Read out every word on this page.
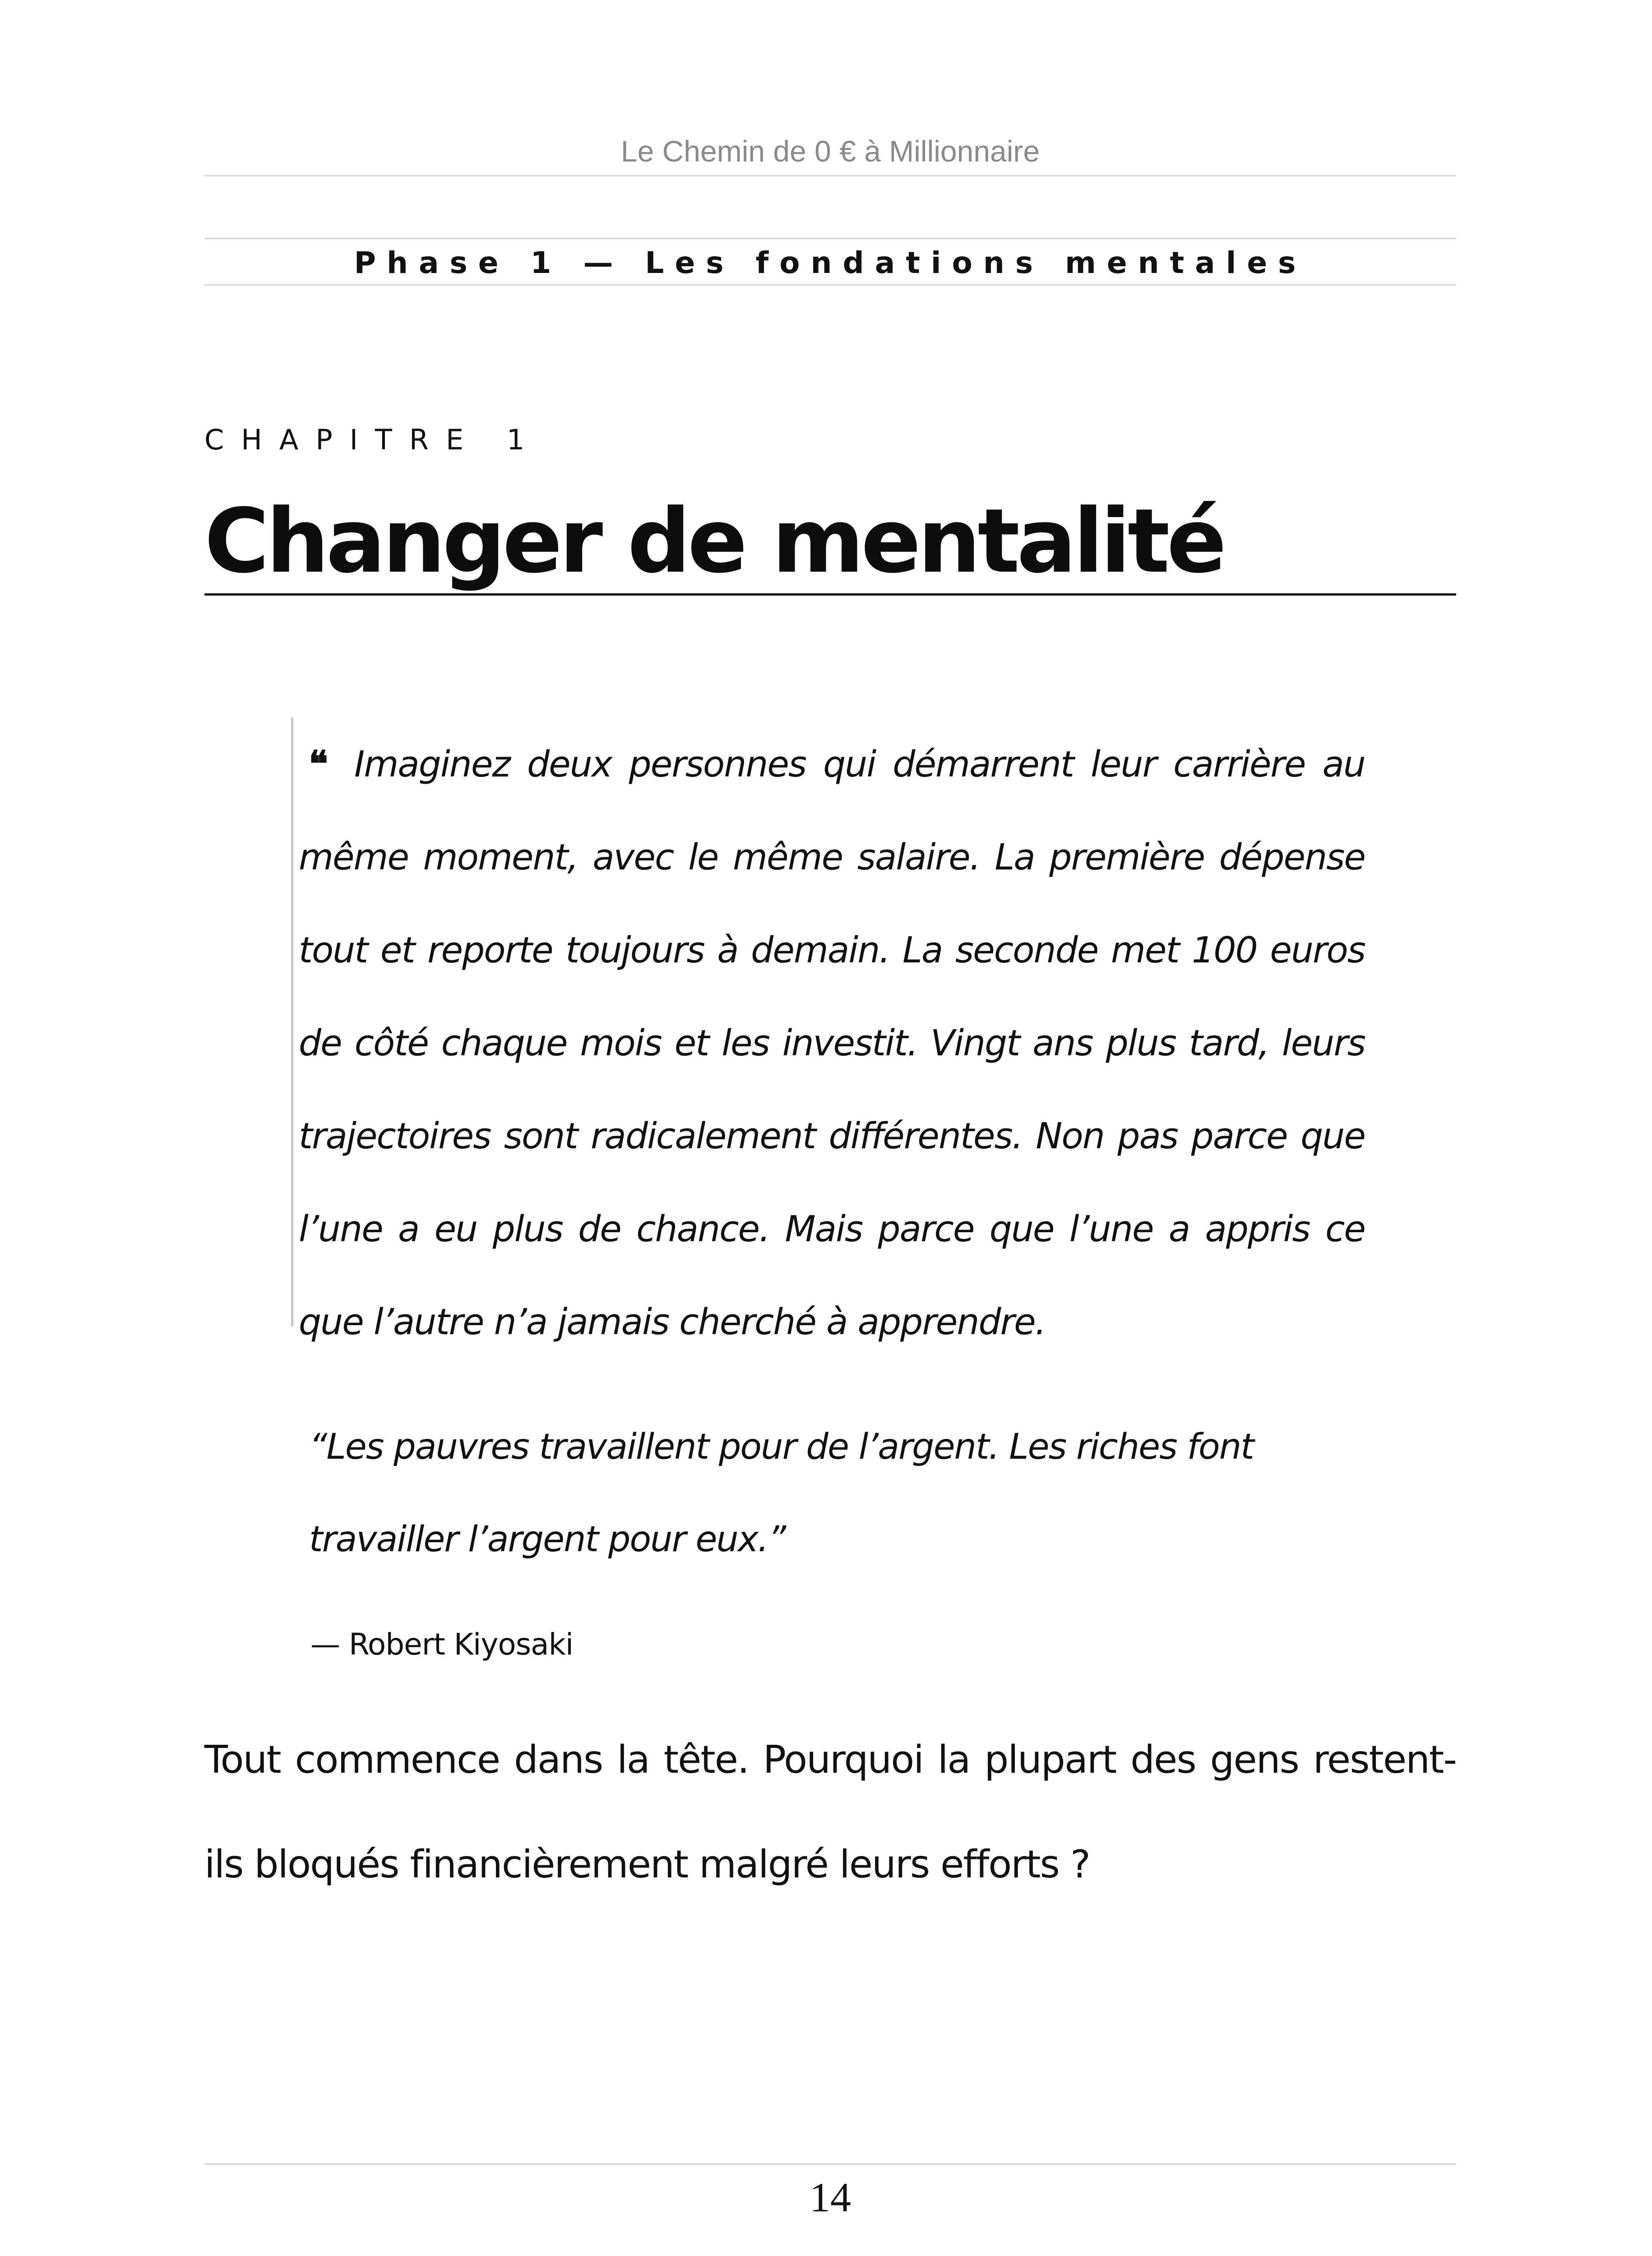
Le Chemin de 0 € à Millionnaire
Phase 1 — Les fondations mentales
CHAPITRE 1
Changer de mentalité

❝ Imaginez deux personnes qui démarrent leur carrière au même moment, avec le même salaire. La première dépense tout et reporte toujours à demain. La seconde met 100 euros de côté chaque mois et les investit. Vingt ans plus tard, leurs trajectoires sont radicalement différentes. Non pas parce que l’une a eu plus de chance. Mais parce que l’une a appris ce que l’autre n’a jamais cherché à apprendre.

“Les pauvres travaillent pour de l’argent. Les riches font travailler l’argent pour eux.”

— Robert Kiyosaki

Tout commence dans la tête. Pourquoi la plupart des gens restent-ils bloqués financièrement malgré leurs efforts ?

14
